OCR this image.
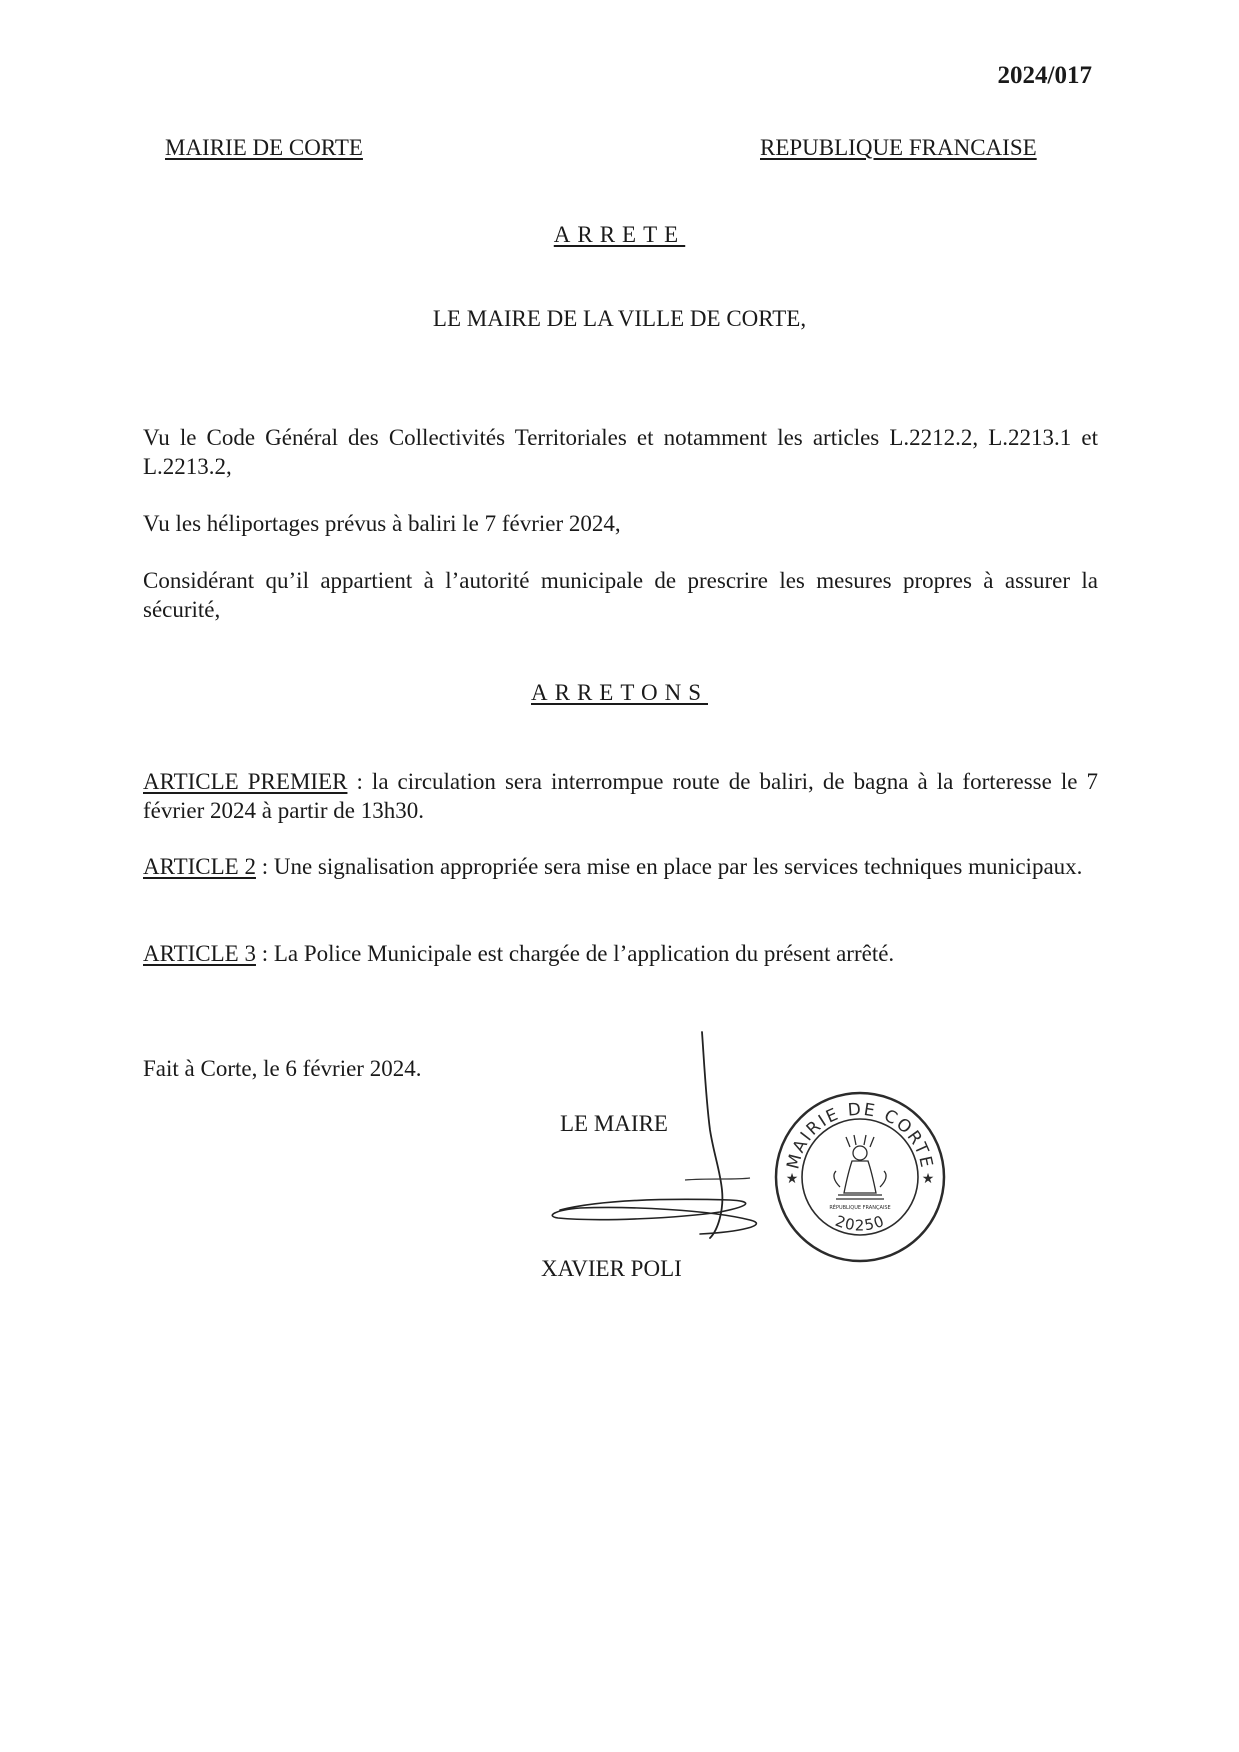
2024/017
MAIRIE DE CORTE	REPUBLIQUE FRANCAISE
ARRETE
LE MAIRE DE LA VILLE DE CORTE,
Vu le Code Général des Collectivités Territoriales et notamment les articles L.2212.2, L.2213.1 et L.2213.2,
Vu les héliportages prévus à baliri le 7 février 2024,
Considérant qu’il appartient à l’autorité municipale de prescrire les mesures propres à assurer la sécurité,
ARRETONS
ARTICLE PREMIER : la circulation sera interrompue route de baliri, de bagna à la forteresse le 7 février 2024 à partir de 13h30.
ARTICLE 2 : Une signalisation appropriée sera mise en place par les services techniques municipaux.
ARTICLE 3 : La Police Municipale est chargée de l’application du présent arrêté.
Fait à Corte, le 6 février 2024.
LE MAIRE
XAVIER POLI
MAIRIE DE CORTE
20250
★	★
RÉPUBLIQUE FRANÇAISE
